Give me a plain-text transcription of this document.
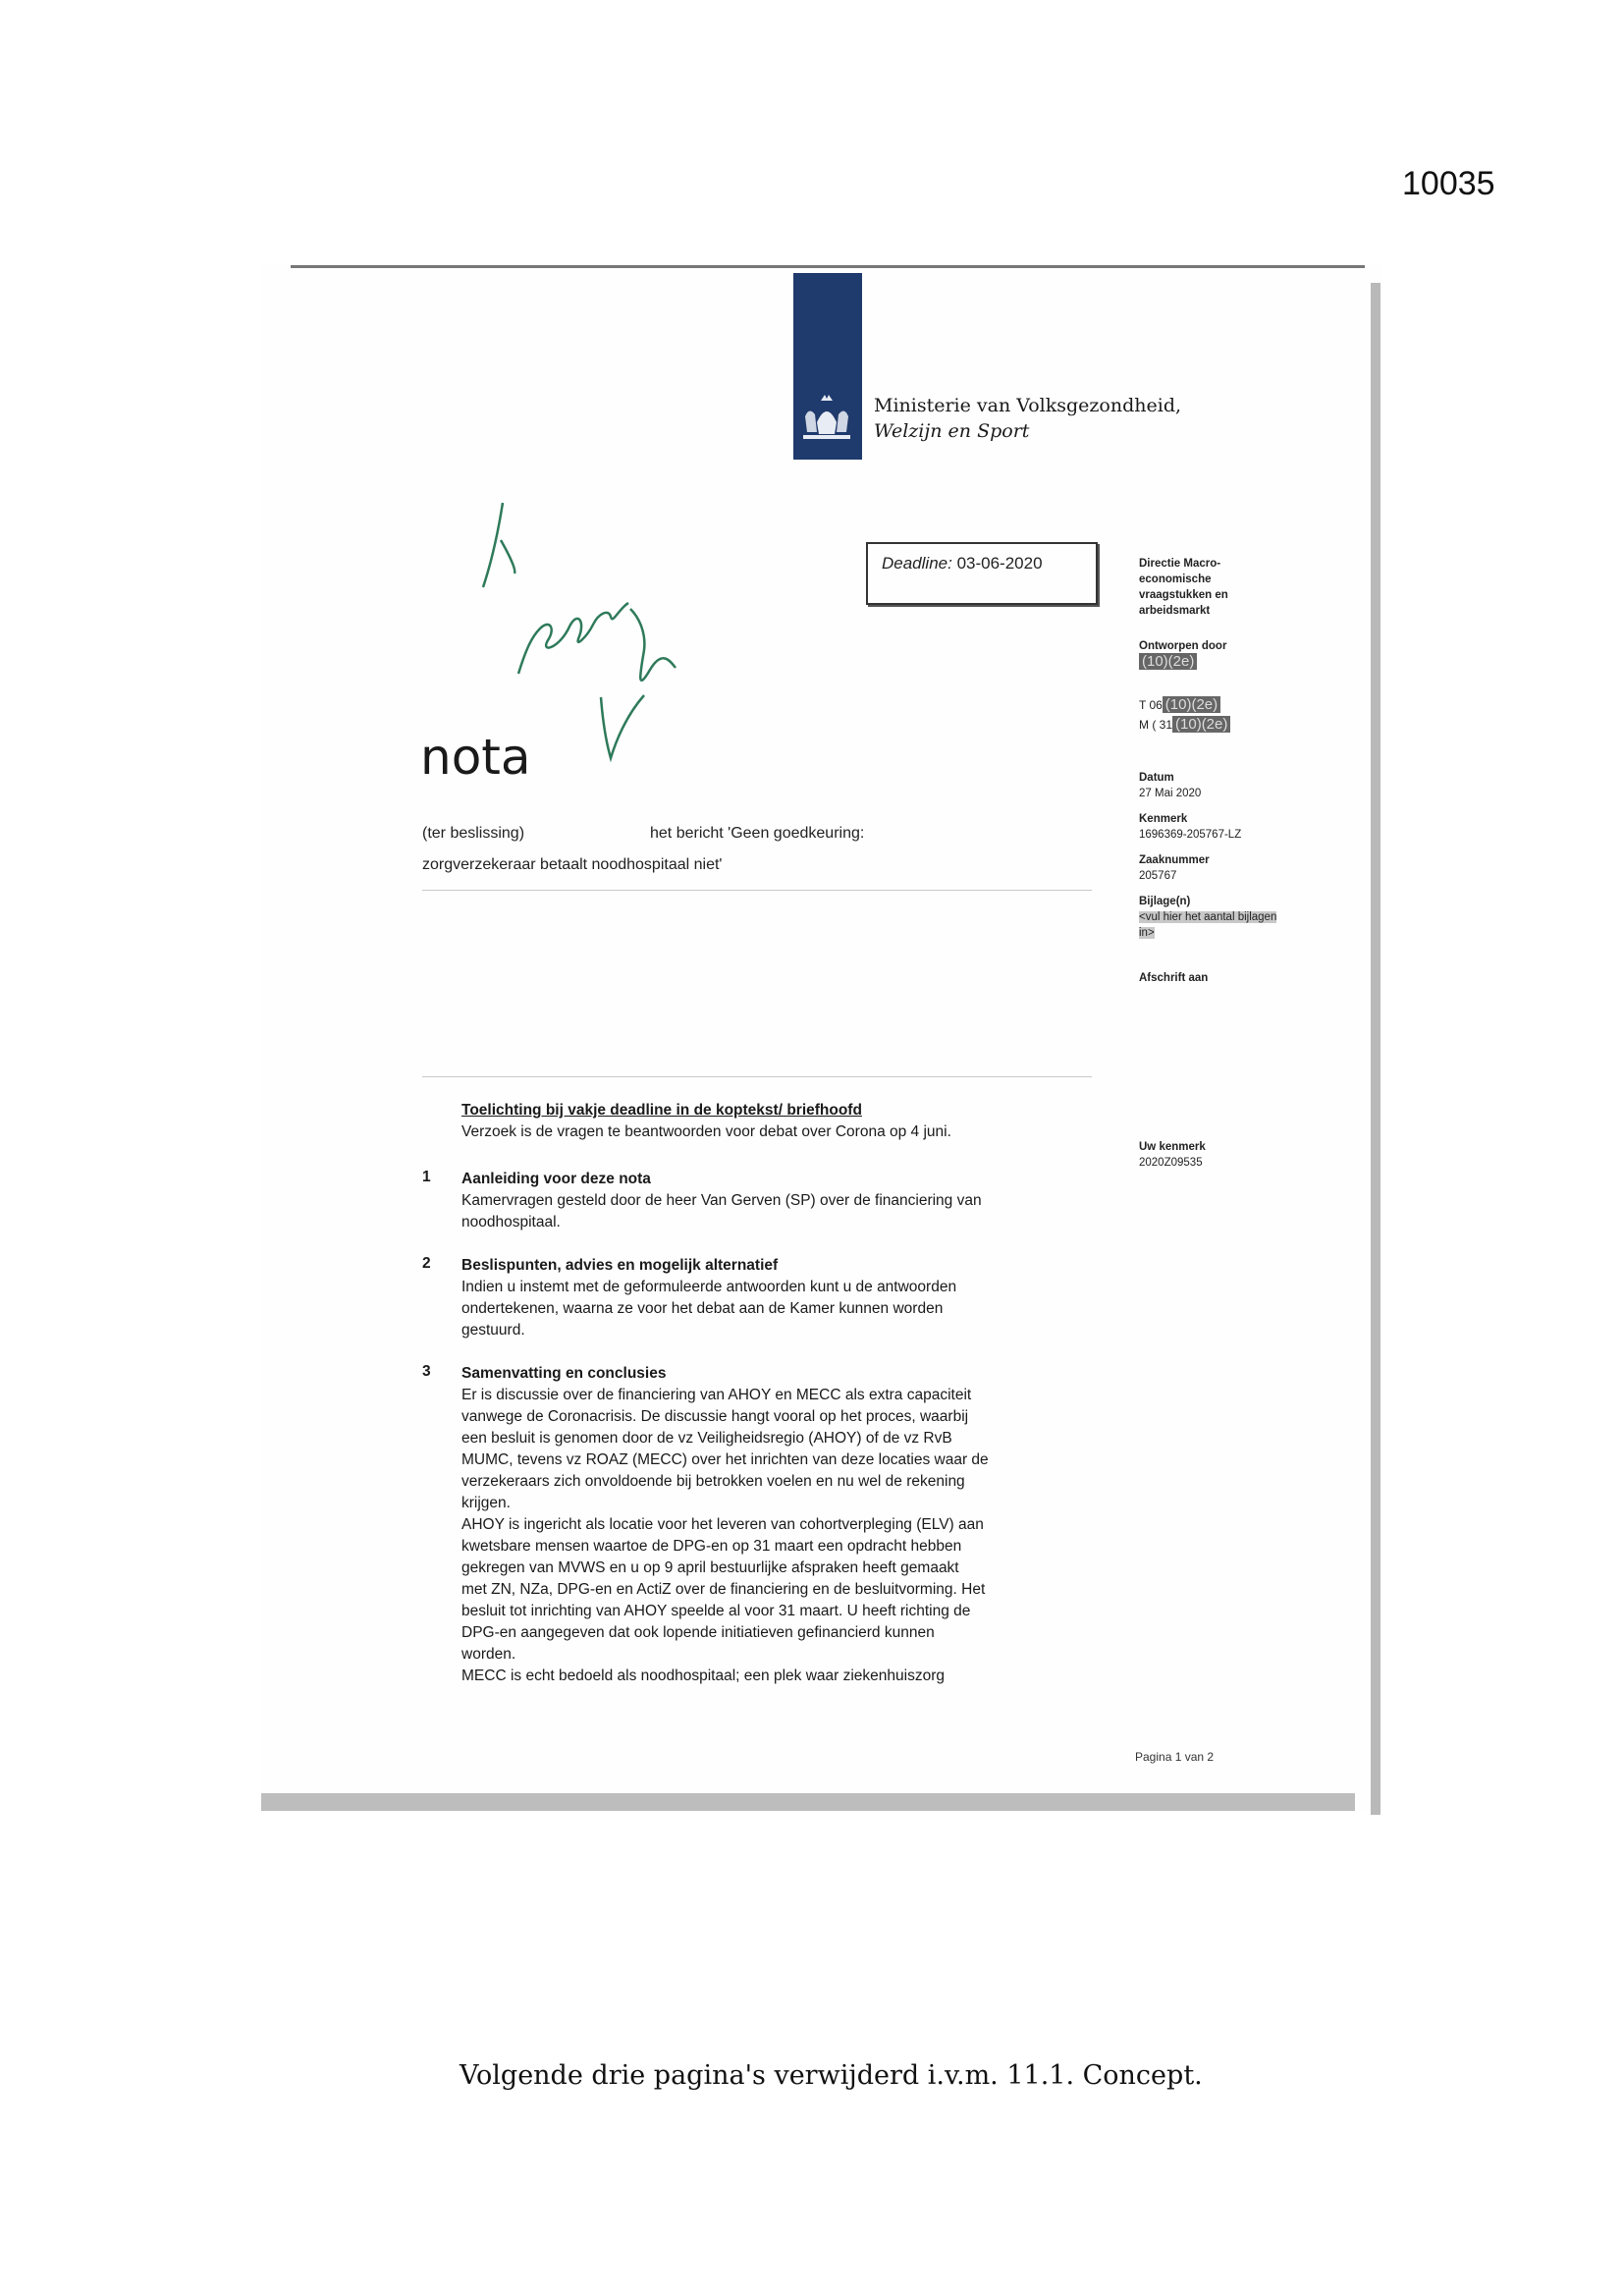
10035
Ministerie van Volksgezondheid,
Welzijn en Sport
Deadline: 03-06-2020
nota
(ter beslissing)	het bericht 'Geen goedkeuring:
zorgverzekeraar betaalt noodhospitaal niet'
Directie Macro-
economische
vraagstukken en
arbeidsmarkt
Ontworpen door
(10)(2e)
T 06 (10)(2e)
M ( 31 (10)(2e)
Datum
27 Mai 2020
Kenmerk
1696369-205767-LZ
Zaaknummer
205767
Bijlage(n)
<vul hier het aantal bijlagen
in>
Afschrift aan
Uw kenmerk
2020Z09535
Toelichting bij vakje deadline in de koptekst/ briefhoofd
Verzoek is de vragen te beantwoorden voor debat over Corona op 4 juni.
1 Aanleiding voor deze nota
Kamervragen gesteld door de heer Van Gerven (SP) over de financiering van
noodhospitaal.
2 Beslispunten, advies en mogelijk alternatief
Indien u instemt met de geformuleerde antwoorden kunt u de antwoorden
ondertekenen, waarna ze voor het debat aan de Kamer kunnen worden
gestuurd.
3 Samenvatting en conclusies
Er is discussie over de financiering van AHOY en MECC als extra capaciteit
vanwege de Coronacrisis. De discussie hangt vooral op het proces, waarbij
een besluit is genomen door de vz Veiligheidsregio (AHOY) of de vz RvB
MUMC, tevens vz ROAZ (MECC) over het inrichten van deze locaties waar de
verzekeraars zich onvoldoende bij betrokken voelen en nu wel de rekening
krijgen.
AHOY is ingericht als locatie voor het leveren van cohortverpleging (ELV) aan
kwetsbare mensen waartoe de DPG-en op 31 maart een opdracht hebben
gekregen van MVWS en u op 9 april bestuurlijke afspraken heeft gemaakt
met ZN, NZa, DPG-en en ActiZ over de financiering en de besluitvorming. Het
besluit tot inrichting van AHOY speelde al voor 31 maart. U heeft richting de
DPG-en aangegeven dat ook lopende initiatieven gefinancierd kunnen
worden.
MECC is echt bedoeld als noodhospitaal; een plek waar ziekenhuiszorg
Pagina 1 van 2
Volgende drie pagina's verwijderd i.v.m. 11.1. Concept.
